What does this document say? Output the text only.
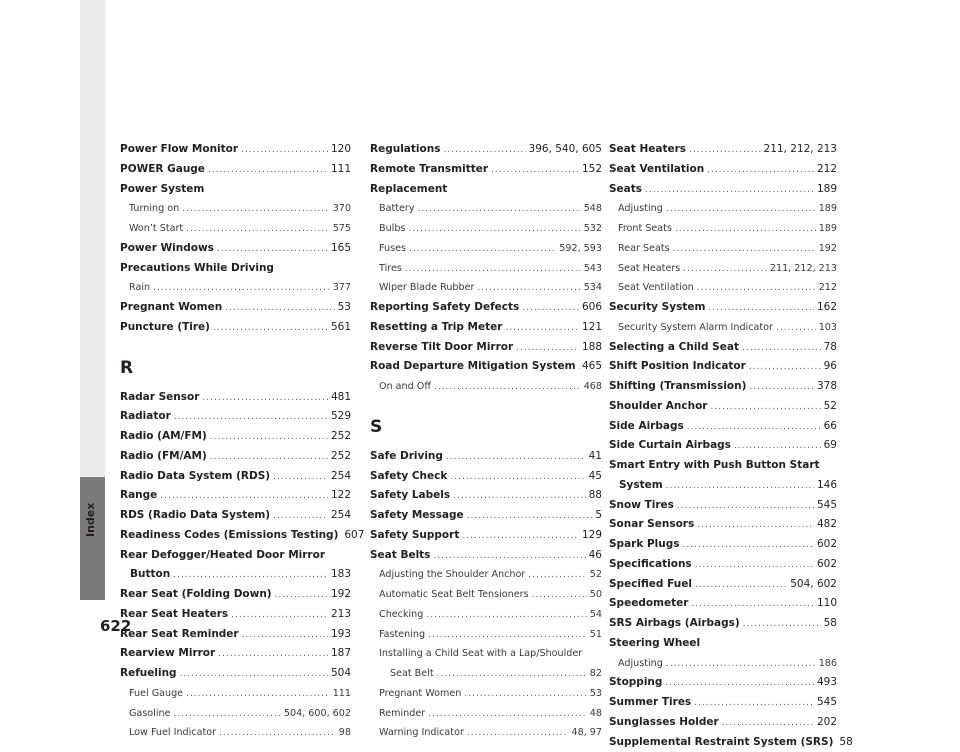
Index
Power Flow Monitor .....	120
POWER Gauge .....	111
Power System
Turning on .....	370
Won’t Start .....	575
Power Windows .....	165
Precautions While Driving
Rain .....	377
Pregnant Women .....	53
Puncture (Tire) .....	561
R
Radar Sensor .....	481
Radiator .....	529
Radio (AM/FM) .....	252
Radio (FM/AM) .....	252
Radio Data System (RDS) .....	254
Range .....	122
RDS (Radio Data System) .....	254
Readiness Codes (Emissions Testing) 607
Rear Defogger/Heated Door Mirror
Button .....	183
Rear Seat (Folding Down) .....	192
Rear Seat Heaters .....	213
Rear Seat Reminder .....	193
Rearview Mirror .....	187
Refueling .....	504
Fuel Gauge .....	111
Gasoline .....	504, 600, 602
Low Fuel Indicator .....	98
Regulations .....	396, 540, 605
Remote Transmitter .....	152
Replacement
Battery .....	548
Bulbs .....	532
Fuses .....	592, 593
Tires .....	543
Wiper Blade Rubber .....	534
Reporting Safety Defects .....	606
Resetting a Trip Meter .....	121
Reverse Tilt Door Mirror .....	188
Road Departure Mitigation System ..... 465
On and Off .....	468
S
Safe Driving .....	41
Safety Check .....	45
Safety Labels .....	88
Safety Message .....	5
Safety Support .....	129
Seat Belts .....	46
Adjusting the Shoulder Anchor .....	52
Automatic Seat Belt Tensioners .....	50
Checking .....	54
Fastening .....	51
Installing a Child Seat with a Lap/Shoulder
Seat Belt .....	82
Pregnant Women .....	53
Reminder .....	48
Warning Indicator .....	48, 97
Seat Heaters .....	211, 212, 213
Seat Ventilation .....	212
Seats .....	189
Adjusting .....	189
Front Seats .....	189
Rear Seats .....	192
Seat Heaters .....	211, 212, 213
Seat Ventilation .....	212
Security System .....	162
Security System Alarm Indicator .....	103
Selecting a Child Seat .....	78
Shift Position Indicator .....	96
Shifting (Transmission) .....	378
Shoulder Anchor .....	52
Side Airbags .....	66
Side Curtain Airbags .....	69
Smart Entry with Push Button Start
System .....	146
Snow Tires .....	545
Sonar Sensors .....	482
Spark Plugs .....	602
Specifications .....	602
Specified Fuel .....	504, 602
Speedometer .....	110
SRS Airbags (Airbags) .....	58
Steering Wheel
Adjusting .....	186
Stopping .....	493
Summer Tires .....	545
Sunglasses Holder .....	202
Supplemental Restraint System (SRS) 58
622
